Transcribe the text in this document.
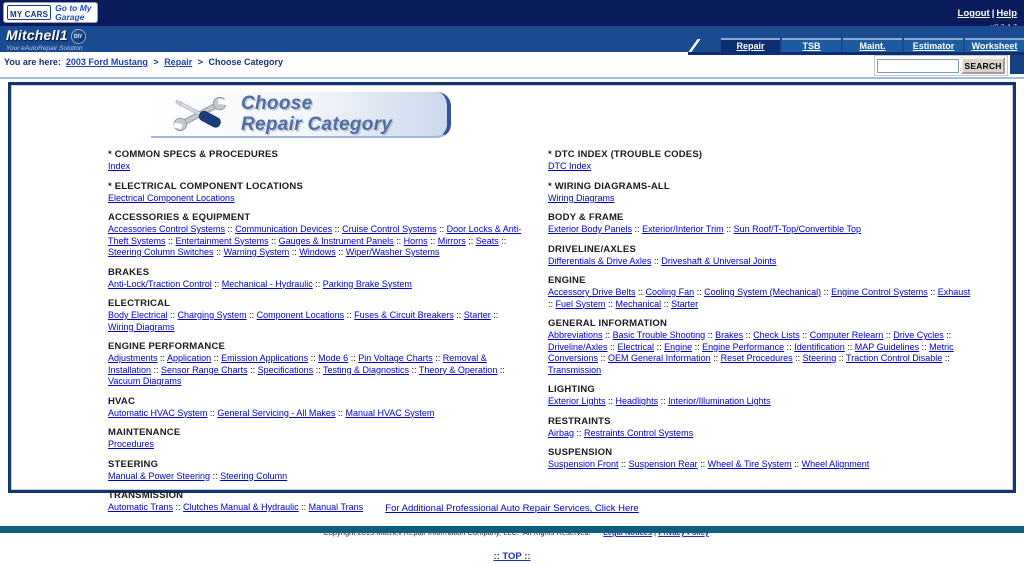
MY CARS
Go to My
Garage	Logout | Help
Mitchell1 DIY
Your eAutoRepair Solution	Repair	TSB	Maint.	Estimator	Worksheet
You are here: 2003 Ford Mustang > Repair > Choose Category	SEARCH
Choose
Repair Category
* COMMON SPECS & PROCEDURES
Index
* ELECTRICAL COMPONENT LOCATIONS
Electrical Component Locations
ACCESSORIES & EQUIPMENT
Accessories Control Systems :: Communication Devices :: Cruise Control Systems :: Door Locks & Anti-Theft Systems :: Entertainment Systems :: Gauges & Instrument Panels :: Horns :: Mirrors :: Seats :: Steering Column Switches :: Warning System :: Windows :: Wiper/Washer Systems
BRAKES
Anti-Lock/Traction Control :: Mechanical - Hydraulic :: Parking Brake System
ELECTRICAL
Body Electrical :: Charging System :: Component Locations :: Fuses & Circuit Breakers :: Starter :: Wiring Diagrams
ENGINE PERFORMANCE
Adjustments :: Application :: Emission Applications :: Mode 6 :: Pin Voltage Charts :: Removal & Installation :: Sensor Range Charts :: Specifications :: Testing & Diagnostics :: Theory & Operation :: Vacuum Diagrams
HVAC
Automatic HVAC System :: General Servicing - All Makes :: Manual HVAC System
MAINTENANCE
Procedures
STEERING
Manual & Power Steering :: Steering Column
TRANSMISSION
Automatic Trans :: Clutches Manual & Hydraulic :: Manual Trans
* DTC INDEX (TROUBLE CODES)
DTC Index
* WIRING DIAGRAMS-ALL
Wiring Diagrams
BODY & FRAME
Exterior Body Panels :: Exterior/Interior Trim :: Sun Roof/T-Top/Convertible Top
DRIVELINE/AXLES
Differentials & Drive Axles :: Driveshaft & Universal Joints
ENGINE
Accessory Drive Belts :: Cooling Fan :: Cooling System (Mechanical) :: Engine Control Systems :: Exhaust :: Fuel System :: Mechanical :: Starter
GENERAL INFORMATION
Abbreviations :: Basic Trouble Shooting :: Brakes :: Check Lists :: Computer Relearn :: Drive Cycles :: Driveline/Axles :: Electrical :: Engine :: Engine Performance :: Identification :: MAP Guidelines :: Metric Conversions :: OEM General Information :: Reset Procedures :: Steering :: Traction Control Disable :: Transmission
LIGHTING
Exterior Lights :: Headlights :: Interior/Illumination Lights
RESTRAINTS
Airbag :: Restraints Control Systems
SUSPENSION
Suspension Front :: Suspension Rear :: Wheel & Tire System :: Wheel Alignment
For Additional Professional Auto Repair Services, Click Here

:: TOP ::
